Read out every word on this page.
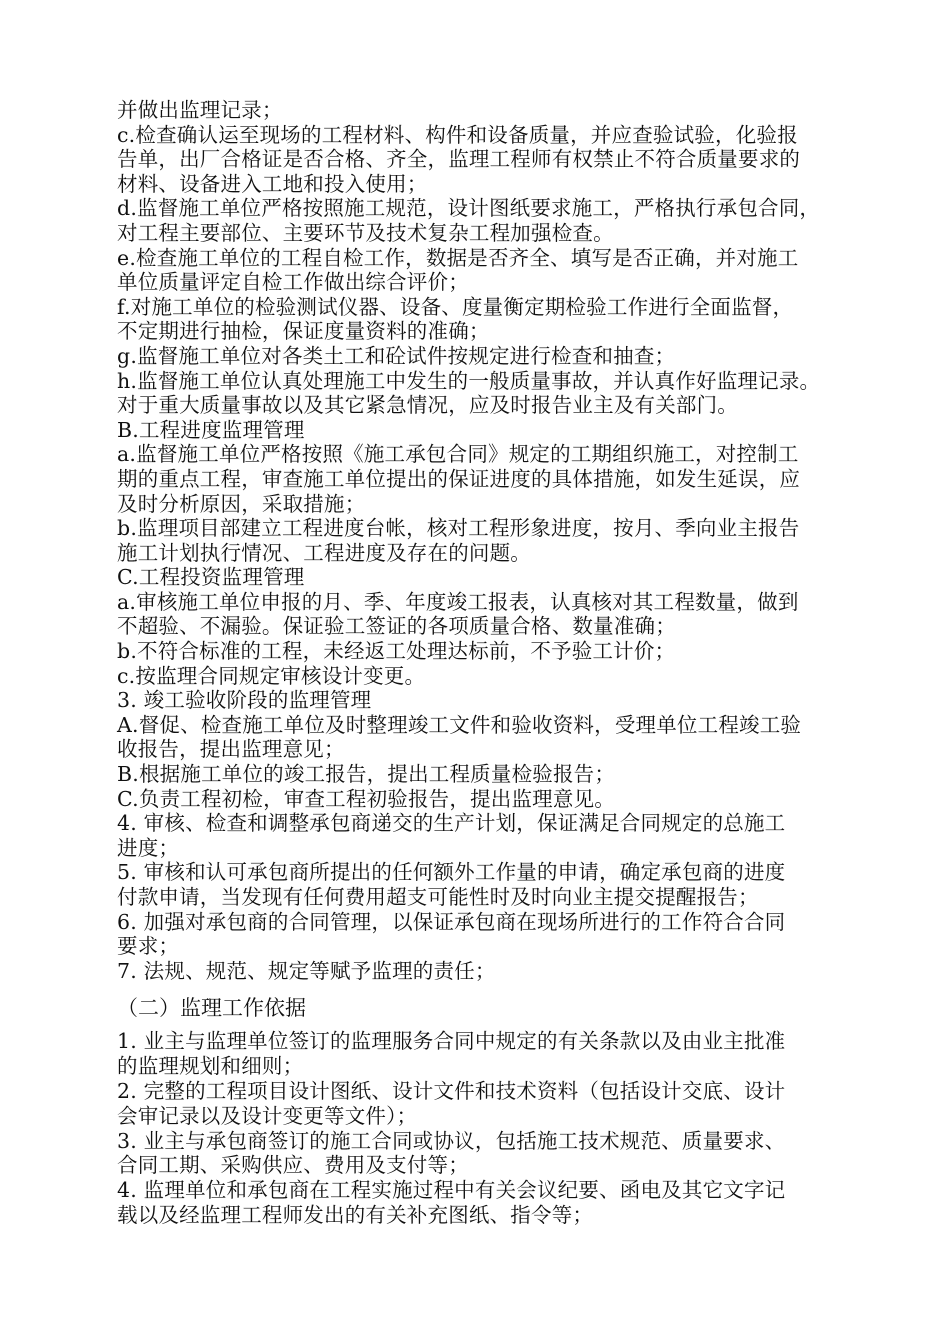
并做出监理记录；
c.检查确认运至现场的工程材料、构件和设备质量，并应查验试验，化验报
告单，出厂合格证是否合格、齐全，监理工程师有权禁止不符合质量要求的
材料、设备进入工地和投入使用；
d.监督施工单位严格按照施工规范，设计图纸要求施工，严格执行承包合同，
对工程主要部位、主要环节及技术复杂工程加强检查。
e.检查施工单位的工程自检工作，数据是否齐全、填写是否正确，并对施工
单位质量评定自检工作做出综合评价；
f.对施工单位的检验测试仪器、设备、度量衡定期检验工作进行全面监督，
不定期进行抽检，保证度量资料的准确；
g.监督施工单位对各类土工和砼试件按规定进行检查和抽查；
h.监督施工单位认真处理施工中发生的一般质量事故，并认真作好监理记录。
对于重大质量事故以及其它紧急情况，应及时报告业主及有关部门。
B.工程进度监理管理
a.监督施工单位严格按照《施工承包合同》规定的工期组织施工，对控制工
期的重点工程，审查施工单位提出的保证进度的具体措施，如发生延误，应
及时分析原因，采取措施；
b.监理项目部建立工程进度台帐，核对工程形象进度，按月、季向业主报告
施工计划执行情况、工程进度及存在的问题。
C.工程投资监理管理
a.审核施工单位申报的月、季、年度竣工报表，认真核对其工程数量，做到
不超验、不漏验。保证验工签证的各项质量合格、数量准确；
b.不符合标准的工程，未经返工处理达标前，不予验工计价；
c.按监理合同规定审核设计变更。
3. 竣工验收阶段的监理管理
A.督促、检查施工单位及时整理竣工文件和验收资料，受理单位工程竣工验
收报告，提出监理意见；
B.根据施工单位的竣工报告，提出工程质量检验报告；
C.负责工程初检，审查工程初验报告，提出监理意见。
4. 审核、检查和调整承包商递交的生产计划，保证满足合同规定的总施工
进度；
5. 审核和认可承包商所提出的任何额外工作量的申请，确定承包商的进度
付款申请，当发现有任何费用超支可能性时及时向业主提交提醒报告；
6. 加强对承包商的合同管理，以保证承包商在现场所进行的工作符合合同
要求；
7. 法规、规范、规定等赋予监理的责任；
（二）监理工作依据
1. 业主与监理单位签订的监理服务合同中规定的有关条款以及由业主批准
的监理规划和细则；
2. 完整的工程项目设计图纸、设计文件和技术资料（包括设计交底、设计
会审记录以及设计变更等文件）；
3. 业主与承包商签订的施工合同或协议，包括施工技术规范、质量要求、
合同工期、采购供应、费用及支付等；
4. 监理单位和承包商在工程实施过程中有关会议纪要、函电及其它文字记
载以及经监理工程师发出的有关补充图纸、指令等；
